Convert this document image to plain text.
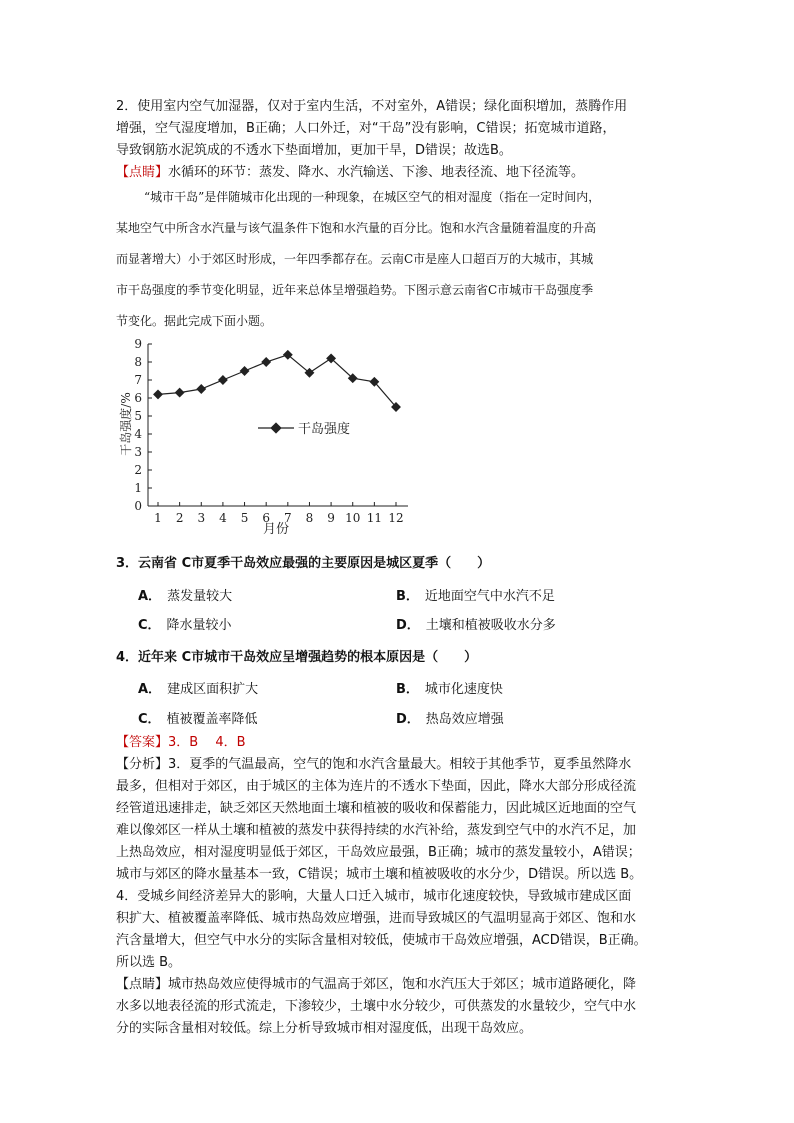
2．使用室内空气加湿器，仅对于室内生活，不对室外，A错误；绿化面积增加，蒸腾作用
增强，空气湿度增加，B正确；人口外迁，对“干岛”没有影响，C错误；拓宽城市道路，
导致钢筋水泥筑成的不透水下垫面增加，更加干旱，D错误；故选B。
【点睛】水循环的环节：蒸发、降水、水汽输送、下渗、地表径流、地下径流等。
“城市干岛”是伴随城市化出现的一种现象，在城区空气的相对湿度（指在一定时间内，
某地空气中所含水汽量与该气温条件下饱和水汽量的百分比。饱和水汽含量随着温度的升高
而显著增大）小于郊区时形成，一年四季都存在。云南C市是座人口超百万的大城市，其城
市干岛强度的季节变化明显，近年来总体呈增强趋势。下图示意云南省C市城市干岛强度季
节变化。据此完成下面小题。
0
1
2
3
4
5
6
7
8
9
1 2 3 4 5 6 7 8 9 10 11 12
干岛强度
干岛强度/%
月份
3．云南省 C市夏季干岛效应最强的主要原因是城区夏季（　　）
A． 蒸发量较大	B． 近地面空气中水汽不足
C． 降水量较小	D． 土壤和植被吸收水分多
4．近年来 C市城市干岛效应呈增强趋势的根本原因是（　　）
A． 建成区面积扩大	B． 城市化速度快
C． 植被覆盖率降低	D． 热岛效应增强
【答案】3．B　 4．B
【分析】3．夏季的气温最高，空气的饱和水汽含量最大。相较于其他季节，夏季虽然降水
最多，但相对于郊区，由于城区的主体为连片的不透水下垫面，因此，降水大部分形成径流
经管道迅速排走，缺乏郊区天然地面土壤和植被的吸收和保蓄能力，因此城区近地面的空气
难以像郊区一样从土壤和植被的蒸发中获得持续的水汽补给，蒸发到空气中的水汽不足，加
上热岛效应，相对湿度明显低于郊区，干岛效应最强，B正确；城市的蒸发量较小，A错误；
城市与郊区的降水量基本一致，C错误；城市土壤和植被吸收的水分少，D错误。所以选 B。
4．受城乡间经济差异大的影响，大量人口迁入城市，城市化速度较快，导致城市建成区面
积扩大、植被覆盖率降低、城市热岛效应增强，进而导致城区的气温明显高于郊区、饱和水
汽含量增大，但空气中水分的实际含量相对较低，使城市干岛效应增强，ACD错误，B正确。
所以选 B。
【点睛】城市热岛效应使得城市的气温高于郊区，饱和水汽压大于郊区；城市道路硬化，降
水多以地表径流的形式流走，下渗较少，土壤中水分较少，可供蒸发的水量较少，空气中水
分的实际含量相对较低。综上分析导致城市相对湿度低，出现干岛效应。
